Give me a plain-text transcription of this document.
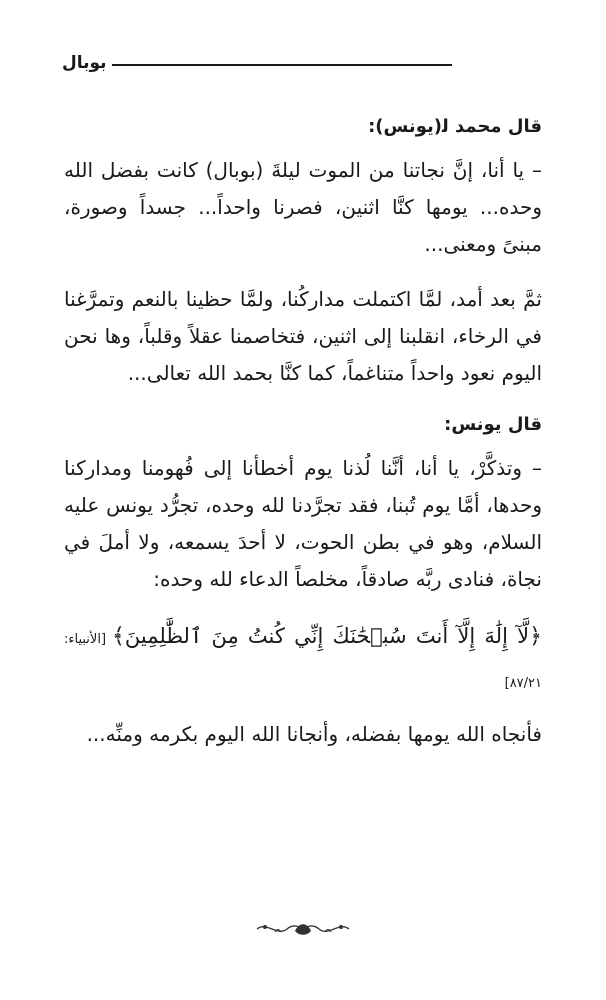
بوبال

قال محمد ﻟ(يونس):

– يا أنا، إنَّ نجاتنا من الموت ليلةَ (بوبال) كانت بفضل الله وحده... يومها كنَّا اثنين، فصرنا واحداً... جسداً وصورة، مبنىً ومعنى...

ثمَّ بعد أمد، لمَّا اكتملت مداركُنا، ولمَّا حظينا بالنعم وتمرَّغنا في الرخاء، انقلبنا إلى اثنين، فتخاصمنا عقلاً وقلباً، وها نحن اليوم نعود واحداً متناغماً، كما كنَّا بحمد الله تعالى...

قال يونس:

– وتذكَّرْ، يا أنا، أنَّنا لُذنا يوم أخطأنا إلى فُهومنا ومداركنا وحدها، أمَّا يوم تُبنا، فقد تجرَّدنا لله وحده، تجرُّد يونس عليه السلام، وهو في بطن الحوت، لا أحدَ يسمعه، ولا أملَ في نجاة، فنادى ربَّه صادقاً، مخلصاً الدعاء لله وحده:

﴿لَّآ إِلَٰهَ إِلَّآ أَنتَ سُبۡحَٰنَكَ إِنِّي كُنتُ مِنَ ٱلظَّٰلِمِينَ﴾[الأنبياء: ٨٧/٢١]

فأنجاه الله يومها بفضله، وأنجانا الله اليوم بكرمه ومنِّه...
